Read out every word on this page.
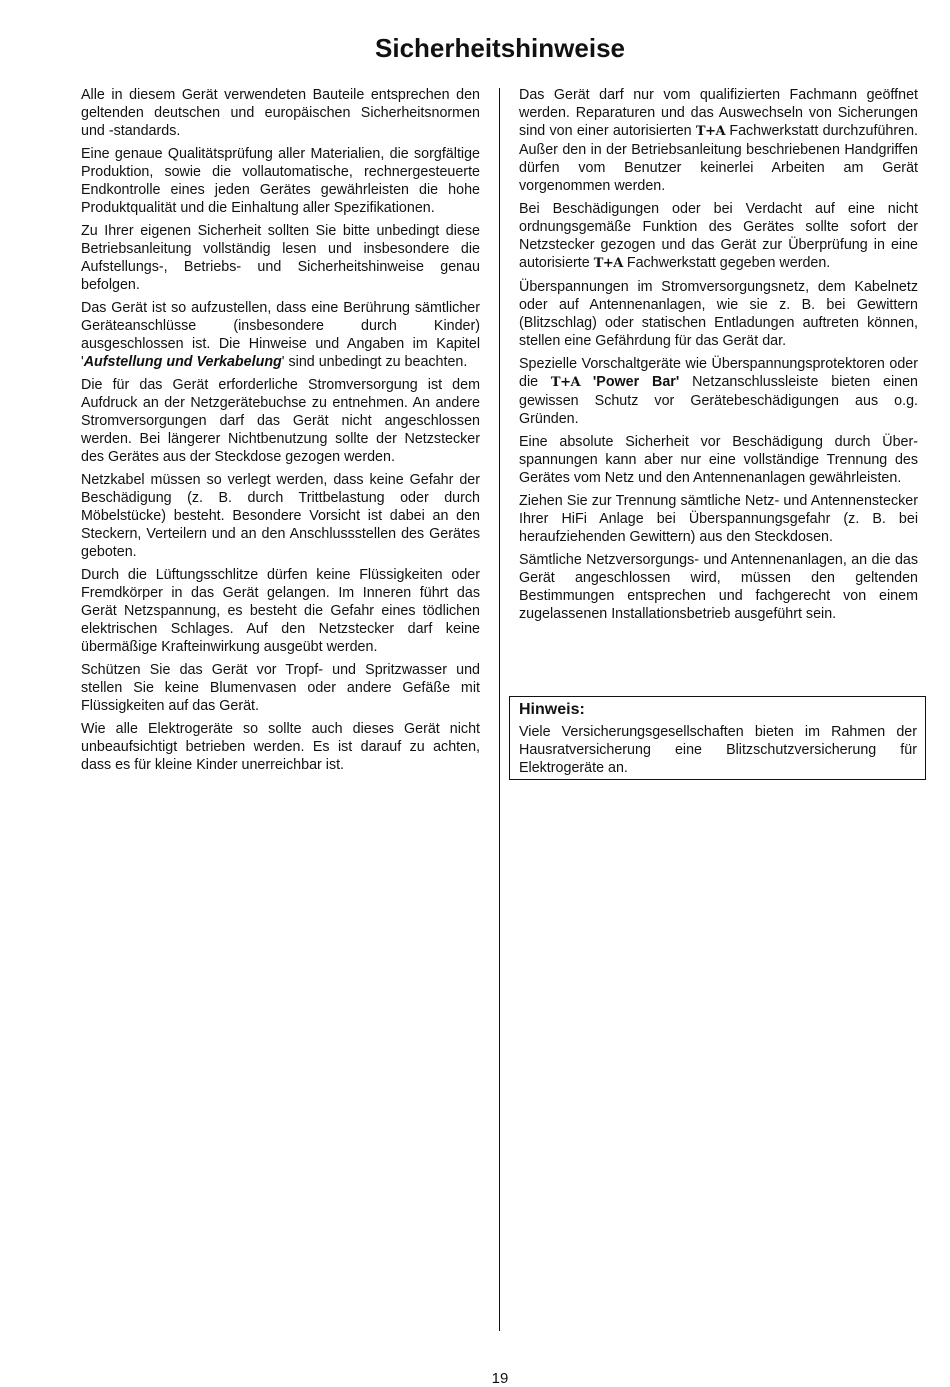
Sicherheitshinweise

Alle in diesem Gerät verwendeten Bauteile entsprechen den geltenden deutschen und europäischen Sicherheitsnormen und -standards.

Eine genaue Qualitätsprüfung aller Materialien, die sorgfältige Produktion, sowie die vollautomatische, rechnergesteuerte Endkontrolle eines jeden Gerätes gewährleisten die hohe Produktqualität und die Einhaltung aller Spezifikationen.

Zu Ihrer eigenen Sicherheit sollten Sie bitte unbedingt diese Betriebsanleitung vollständig lesen und insbesondere die Aufstellungs-, Betriebs- und Sicherheitshinweise genau befolgen.

Das Gerät ist so aufzustellen, dass eine Berührung sämtlicher Geräteanschlüsse (insbesondere durch Kinder) ausgeschlossen ist. Die Hinweise und Angaben im Kapitel 'Aufstellung und Verkabelung' sind unbedingt zu beachten.

Die für das Gerät erforderliche Stromversorgung ist dem Aufdruck an der Netzgerätebuchse zu entnehmen. An andere Stromversorgungen darf das Gerät nicht angeschlossen werden. Bei längerer Nichtbenutzung sollte der Netzstecker des Gerätes aus der Steckdose gezogen werden.

Netzkabel müssen so verlegt werden, dass keine Gefahr der Beschädigung (z. B. durch Trittbelastung oder durch Möbelstücke) besteht. Besondere Vorsicht ist dabei an den Steckern, Verteilern und an den Anschlussstellen des Gerätes geboten.

Durch die Lüftungsschlitze dürfen keine Flüssigkeiten oder Fremdkörper in das Gerät gelangen. Im Inneren führt das Gerät Netzspannung, es besteht die Gefahr eines tödlichen elektrischen Schlages. Auf den Netzstecker darf keine übermäßige Krafteinwirkung ausgeübt werden.

Schützen Sie das Gerät vor Tropf- und Spritzwasser und stellen Sie keine Blumenvasen oder andere Gefäße mit Flüssigkeiten auf das Gerät.

Wie alle Elektrogeräte so sollte auch dieses Gerät nicht unbeaufsichtigt betrieben werden. Es ist darauf zu achten, dass es für kleine Kinder unerreichbar ist.

Das Gerät darf nur vom qualifizierten Fachmann geöffnet werden. Reparaturen und das Auswechseln von Sicherungen sind von einer autorisierten T+A Fachwerkstatt durchzuführen. Außer den in der Betriebsanleitung beschriebenen Handgriffen dürfen vom Benutzer keinerlei Arbeiten am Gerät vorgenommen werden.

Bei Beschädigungen oder bei Verdacht auf eine nicht ordnungsgemäße Funktion des Gerätes sollte sofort der Netzstecker gezogen und das Gerät zur Überprüfung in eine autorisierte T+A Fachwerkstatt gegeben werden.

Überspannungen im Stromversorgungsnetz, dem Kabelnetz oder auf Antennenanlagen, wie sie z. B. bei Gewittern (Blitzschlag) oder statischen Entladungen auftreten können, stellen eine Gefährdung für das Gerät dar.

Spezielle Vorschaltgeräte wie Überspannungsprotektoren oder die T+A 'Power Bar' Netzanschlussleiste bieten einen gewissen Schutz vor Gerätebeschädigungen aus o.g. Gründen.

Eine absolute Sicherheit vor Beschädigung durch Überspannungen kann aber nur eine vollständige Trennung des Gerätes vom Netz und den Antennenanlagen gewährleisten.

Ziehen Sie zur Trennung sämtliche Netz- und Antennenstecker Ihrer HiFi Anlage bei Überspannungsgefahr (z. B. bei heraufziehenden Gewittern) aus den Steckdosen.

Sämtliche Netzversorgungs- und Antennenanlagen, an die das Gerät angeschlossen wird, müssen den geltenden Bestimmungen entsprechen und fachgerecht von einem zugelassenen Installationsbetrieb ausgeführt sein.

Hinweis:
Viele Versicherungsgesellschaften bieten im Rahmen der Hausratversicherung eine Blitzschutzversicherung für Elektrogeräte an.
19
